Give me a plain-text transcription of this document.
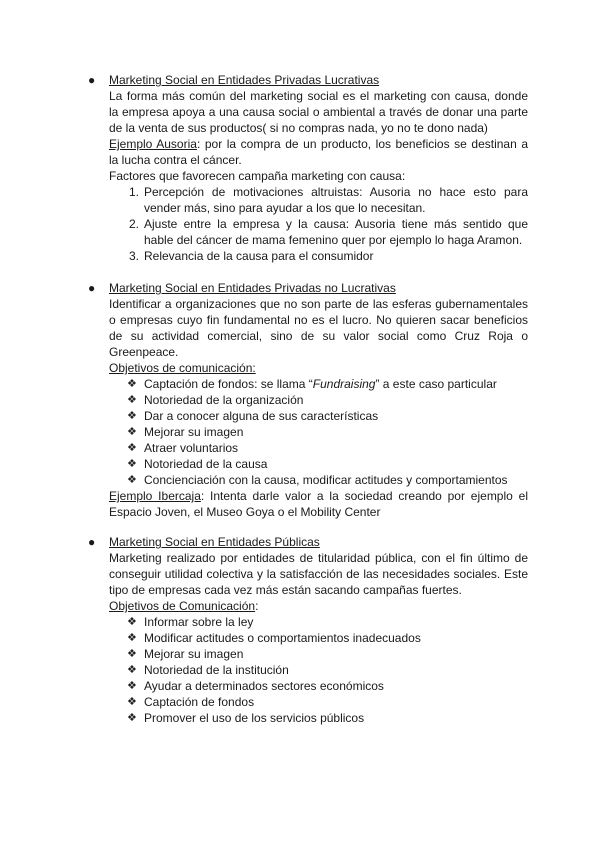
● Marketing Social en Entidades Privadas Lucrativas
La forma más común del marketing social es el marketing con causa, donde
la empresa apoya a una causa social o ambiental a través de donar una parte
de la venta de sus productos( si no compras nada, yo no te dono nada)
Ejemplo Ausoria: por la compra de un producto, los beneficios se destinan a
la lucha contra el cáncer.
Factores que favorecen campaña marketing con causa:
1. Percepción de motivaciones altruistas: Ausoria no hace esto para
vender más, sino para ayudar a los que lo necesitan.
2. Ajuste entre la empresa y la causa: Ausoria tiene más sentido que
hable del cáncer de mama femenino quer por ejemplo lo haga Aramon.
3. Relevancia de la causa para el consumidor
● Marketing Social en Entidades Privadas no Lucrativas
Identificar a organizaciones que no son parte de las esferas gubernamentales
o empresas cuyo fin fundamental no es el lucro. No quieren sacar beneficios
de su actividad comercial, sino de su valor social como Cruz Roja o
Greenpeace.
Objetivos de comunicación:
❖ Captación de fondos: se llama “Fundraising” a este caso particular
❖ Notoriedad de la organización
❖ Dar a conocer alguna de sus características
❖ Mejorar su imagen
❖ Atraer voluntarios
❖ Notoriedad de la causa
❖ Concienciación con la causa, modificar actitudes y comportamientos
Ejemplo Ibercaja: Intenta darle valor a la sociedad creando por ejemplo el
Espacio Joven, el Museo Goya o el Mobility Center
● Marketing Social en Entidades Públicas
Marketing realizado por entidades de titularidad pública, con el fin último de
conseguir utilidad colectiva y la satisfacción de las necesidades sociales. Este
tipo de empresas cada vez más están sacando campañas fuertes.
Objetivos de Comunicación:
❖ Informar sobre la ley
❖ Modificar actitudes o comportamientos inadecuados
❖ Mejorar su imagen
❖ Notoriedad de la institución
❖ Ayudar a determinados sectores económicos
❖ Captación de fondos
❖ Promover el uso de los servicios públicos
